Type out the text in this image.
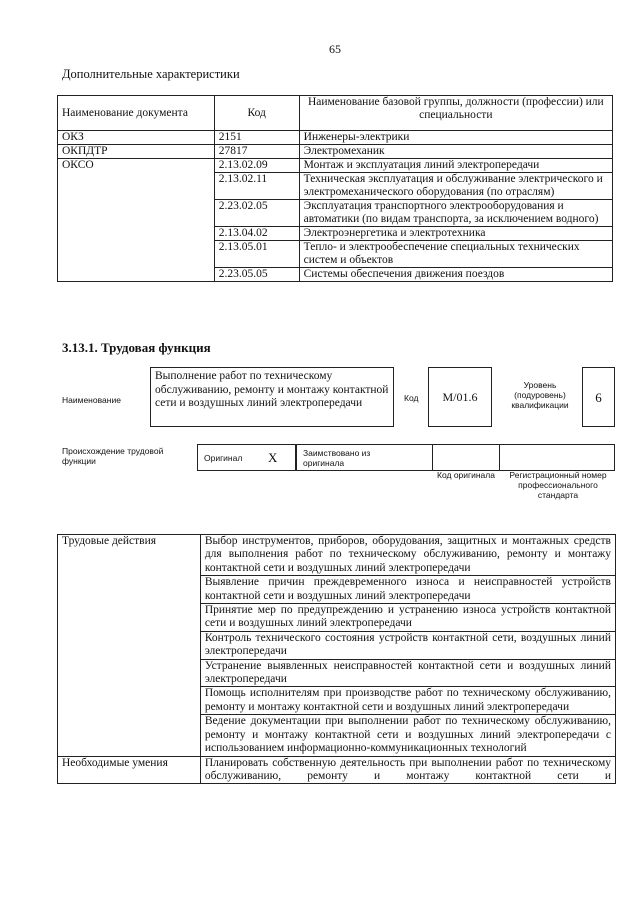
65
Дополнительные характеристики
Наименование документа	Код	Наименование базовой группы, должности (профессии) или специальности
ОКЗ	2151	Инженеры-электрики
ОКПДТР	27817	Электромеханик
ОКСО	2.13.02.09	Монтаж и эксплуатация линий электропередачи
	2.13.02.11	Техническая эксплуатация и обслуживание электрического и электромеханического оборудования (по отраслям)
	2.23.02.05	Эксплуатация транспортного электрооборудования и автоматики (по видам транспорта, за исключением водного)
	2.13.04.02	Электроэнергетика и электротехника
	2.13.05.01	Тепло- и электрообеспечение специальных технических систем и объектов
	2.23.05.05	Системы обеспечения движения поездов
3.13.1. Трудовая функция
Наименование
Выполнение работ по техническому обслуживанию, ремонту и монтажу контактной сети и воздушных линий электропередачи	Код	М/01.6
Уровень (подуровень) квалификации	6
Происхождение трудовой функции	Оригинал Х	Заимствовано из оригинала
Код оригинала	Регистрационный номер профессионального стандарта
Трудовые действия	Выбор инструментов, приборов, оборудования, защитных и монтажных средств для выполнения работ по техническому обслуживанию, ремонту и монтажу контактной сети и воздушных линий электропередачи
	Выявление причин преждевременного износа и неисправностей устройств контактной сети и воздушных линий электропередачи
	Принятие мер по предупреждению и устранению износа устройств контактной сети и воздушных линий электропередачи
	Контроль технического состояния устройств контактной сети, воздушных линий электропередачи
	Устранение выявленных неисправностей контактной сети и воздушных линий электропередачи
	Помощь исполнителям при производстве работ по техническому обслуживанию, ремонту и монтажу контактной сети и воздушных линий электропередачи
	Ведение документации при выполнении работ по техническому обслуживанию, ремонту и монтажу контактной сети и воздушных линий электропередачи с использованием информационно-коммуникационных технологий
Необходимые умения	Планировать собственную деятельность при выполнении работ по техническому обслуживанию, ремонту и монтажу контактной сети и
